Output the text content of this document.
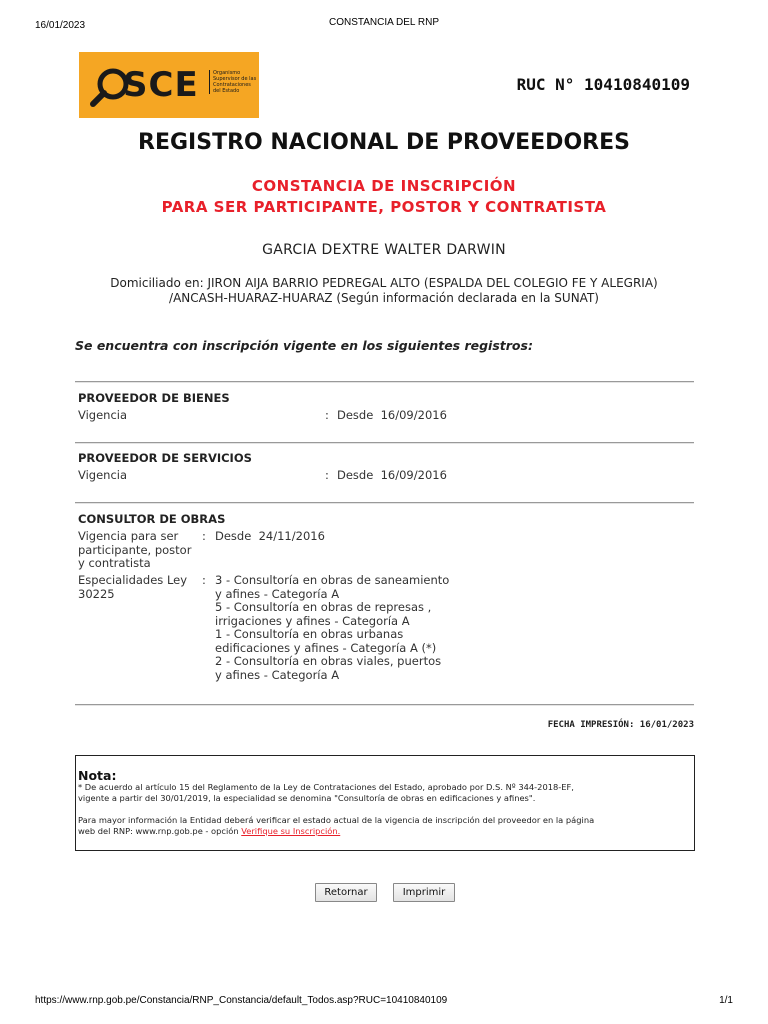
16/01/2023	CONSTANCIA DEL RNP
SCE	Organismo Supervisor de las Contrataciones del Estado	RUC N° 10410840109
REGISTRO NACIONAL DE PROVEEDORES
CONSTANCIA DE INSCRIPCIÓN
PARA SER PARTICIPANTE, POSTOR Y CONTRATISTA
GARCIA DEXTRE WALTER DARWIN
Domiciliado en: JIRON AIJA BARRIO PEDREGAL ALTO (ESPALDA DEL COLEGIO FE Y ALEGRIA)
/ANCASH-HUARAZ-HUARAZ (Según información declarada en la SUNAT)
Se encuentra con inscripción vigente en los siguientes registros:
PROVEEDOR DE BIENES
Vigencia	: Desde  16/09/2016
PROVEEDOR DE SERVICIOS
Vigencia	: Desde  16/09/2016
CONSULTOR DE OBRAS
Vigencia para ser
participante, postor
y contratista
: Desde  24/11/2016
Especialidades Ley
30225
: 3 - Consultoría en obras de saneamiento
y afines - Categoría A
5 - Consultoría en obras de represas ,
irrigaciones y afines - Categoría A
1 - Consultoría en obras urbanas
edificaciones y afines - Categoría A (*)
2 - Consultoría en obras viales, puertos
y afines - Categoría A
FECHA IMPRESIÓN: 16/01/2023
Nota:
* De acuerdo al artículo 15 del Reglamento de la Ley de Contrataciones del Estado, aprobado por D.S. Nº 344-2018-EF,
vigente a partir del 30/01/2019, la especialidad se denomina "Consultoría de obras en edificaciones y afines".
Para mayor información la Entidad deberá verificar el estado actual de la vigencia de inscripción del proveedor en la página
web del RNP: www.rnp.gob.pe - opción Verifique su Inscripción.
Retornar	Imprimir
https://www.rnp.gob.pe/Constancia/RNP_Constancia/default_Todos.asp?RUC=10410840109	1/1
